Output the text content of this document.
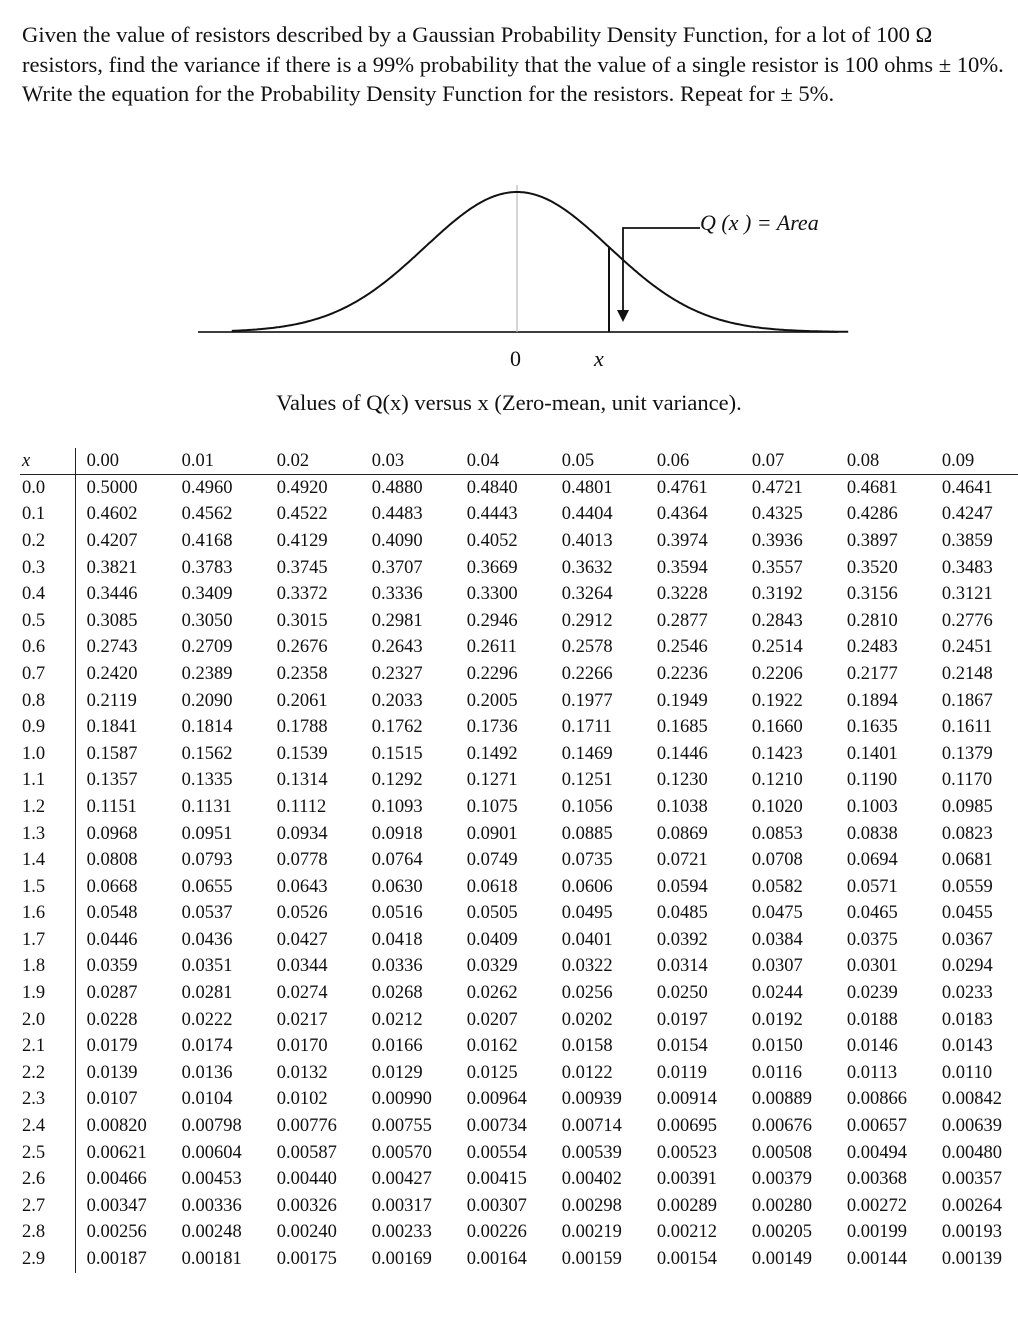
Given the value of resistors described by a Gaussian Probability Density Function, for a lot of 100 Ω resistors, find the variance if there is a 99% probability that the value of a single resistor is 100 ohms ± 10%. Write the equation for the Probability Density Function for the resistors. Repeat for ± 5%.

0	x
Q (x ) = Area

Values of Q(x) versus x (Zero-mean, unit variance).

x	0.00	0.01	0.02	0.03	0.04	0.05	0.06	0.07	0.08	0.09
0.0	0.5000	0.4960	0.4920	0.4880	0.4840	0.4801	0.4761	0.4721	0.4681	0.4641
0.1	0.4602	0.4562	0.4522	0.4483	0.4443	0.4404	0.4364	0.4325	0.4286	0.4247
0.2	0.4207	0.4168	0.4129	0.4090	0.4052	0.4013	0.3974	0.3936	0.3897	0.3859
0.3	0.3821	0.3783	0.3745	0.3707	0.3669	0.3632	0.3594	0.3557	0.3520	0.3483
0.4	0.3446	0.3409	0.3372	0.3336	0.3300	0.3264	0.3228	0.3192	0.3156	0.3121
0.5	0.3085	0.3050	0.3015	0.2981	0.2946	0.2912	0.2877	0.2843	0.2810	0.2776
0.6	0.2743	0.2709	0.2676	0.2643	0.2611	0.2578	0.2546	0.2514	0.2483	0.2451
0.7	0.2420	0.2389	0.2358	0.2327	0.2296	0.2266	0.2236	0.2206	0.2177	0.2148
0.8	0.2119	0.2090	0.2061	0.2033	0.2005	0.1977	0.1949	0.1922	0.1894	0.1867
0.9	0.1841	0.1814	0.1788	0.1762	0.1736	0.1711	0.1685	0.1660	0.1635	0.1611
1.0	0.1587	0.1562	0.1539	0.1515	0.1492	0.1469	0.1446	0.1423	0.1401	0.1379
1.1	0.1357	0.1335	0.1314	0.1292	0.1271	0.1251	0.1230	0.1210	0.1190	0.1170
1.2	0.1151	0.1131	0.1112	0.1093	0.1075	0.1056	0.1038	0.1020	0.1003	0.0985
1.3	0.0968	0.0951	0.0934	0.0918	0.0901	0.0885	0.0869	0.0853	0.0838	0.0823
1.4	0.0808	0.0793	0.0778	0.0764	0.0749	0.0735	0.0721	0.0708	0.0694	0.0681
1.5	0.0668	0.0655	0.0643	0.0630	0.0618	0.0606	0.0594	0.0582	0.0571	0.0559
1.6	0.0548	0.0537	0.0526	0.0516	0.0505	0.0495	0.0485	0.0475	0.0465	0.0455
1.7	0.0446	0.0436	0.0427	0.0418	0.0409	0.0401	0.0392	0.0384	0.0375	0.0367
1.8	0.0359	0.0351	0.0344	0.0336	0.0329	0.0322	0.0314	0.0307	0.0301	0.0294
1.9	0.0287	0.0281	0.0274	0.0268	0.0262	0.0256	0.0250	0.0244	0.0239	0.0233
2.0	0.0228	0.0222	0.0217	0.0212	0.0207	0.0202	0.0197	0.0192	0.0188	0.0183
2.1	0.0179	0.0174	0.0170	0.0166	0.0162	0.0158	0.0154	0.0150	0.0146	0.0143
2.2	0.0139	0.0136	0.0132	0.0129	0.0125	0.0122	0.0119	0.0116	0.0113	0.0110
2.3	0.0107	0.0104	0.0102	0.00990	0.00964	0.00939	0.00914	0.00889	0.00866	0.00842
2.4	0.00820	0.00798	0.00776	0.00755	0.00734	0.00714	0.00695	0.00676	0.00657	0.00639
2.5	0.00621	0.00604	0.00587	0.00570	0.00554	0.00539	0.00523	0.00508	0.00494	0.00480
2.6	0.00466	0.00453	0.00440	0.00427	0.00415	0.00402	0.00391	0.00379	0.00368	0.00357
2.7	0.00347	0.00336	0.00326	0.00317	0.00307	0.00298	0.00289	0.00280	0.00272	0.00264
2.8	0.00256	0.00248	0.00240	0.00233	0.00226	0.00219	0.00212	0.00205	0.00199	0.00193
2.9	0.00187	0.00181	0.00175	0.00169	0.00164	0.00159	0.00154	0.00149	0.00144	0.00139
